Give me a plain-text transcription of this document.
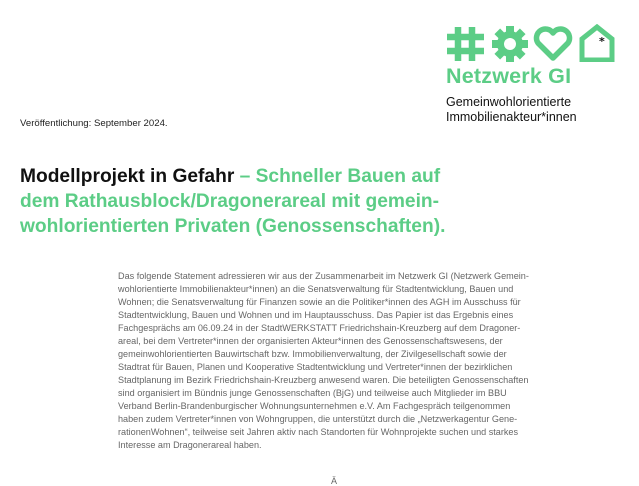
*
Netzwerk GI
Gemeinwohlorientierte
Immobilienakteur*innen
Veröffentlichung: September 2024.
Modellprojekt in Gefahr – Schneller Bauen auf
dem Rathausblock/Dragonerareal mit gemein-
wohlorientierten Privaten (Genossenschaften).
Das folgende Statement adressieren wir aus der Zusammenarbeit im Netzwerk GI (Netzwerk Gemein-
wohlorientierte Immobilienakteur*innen) an die Senatsverwaltung für Stadtentwicklung, Bauen und
Wohnen; die Senatsverwaltung für Finanzen sowie an die Politiker*innen des AGH im Ausschuss für
Stadtentwicklung, Bauen und Wohnen und im Hauptausschuss. Das Papier ist das Ergebnis eines
Fachgesprächs am 06.09.24 in der StadtWERKSTATT Friedrichshain-Kreuzberg auf dem Dragoner-
areal, bei dem Vertreter*innen der organisierten Akteur*innen des Genossenschaftswesens, der
gemeinwohlorientierten Bauwirtschaft bzw. Immobilienverwaltung, der Zivilgesellschaft sowie der
Stadtrat für Bauen, Planen und Kooperative Stadtentwicklung und Vertreter*innen der bezirklichen
Stadtplanung im Bezirk Friedrichshain-Kreuzberg anwesend waren. Die beteiligten Genossenschaften
sind organisiert im Bündnis junge Genossenschaften (BjG) und teilweise auch Mitglieder im BBU
Verband Berlin-Brandenburgischer Wohnungsunternehmen e.V. Am Fachgespräch teilgenommen
haben zudem Vertreter*innen von Wohngruppen, die unterstützt durch die „Netzwerkagentur Gene-
rationenWohnen“, teilweise seit Jahren aktiv nach Standorten für Wohnprojekte suchen und starkes
Interesse am Dragonerareal haben.
Ä
